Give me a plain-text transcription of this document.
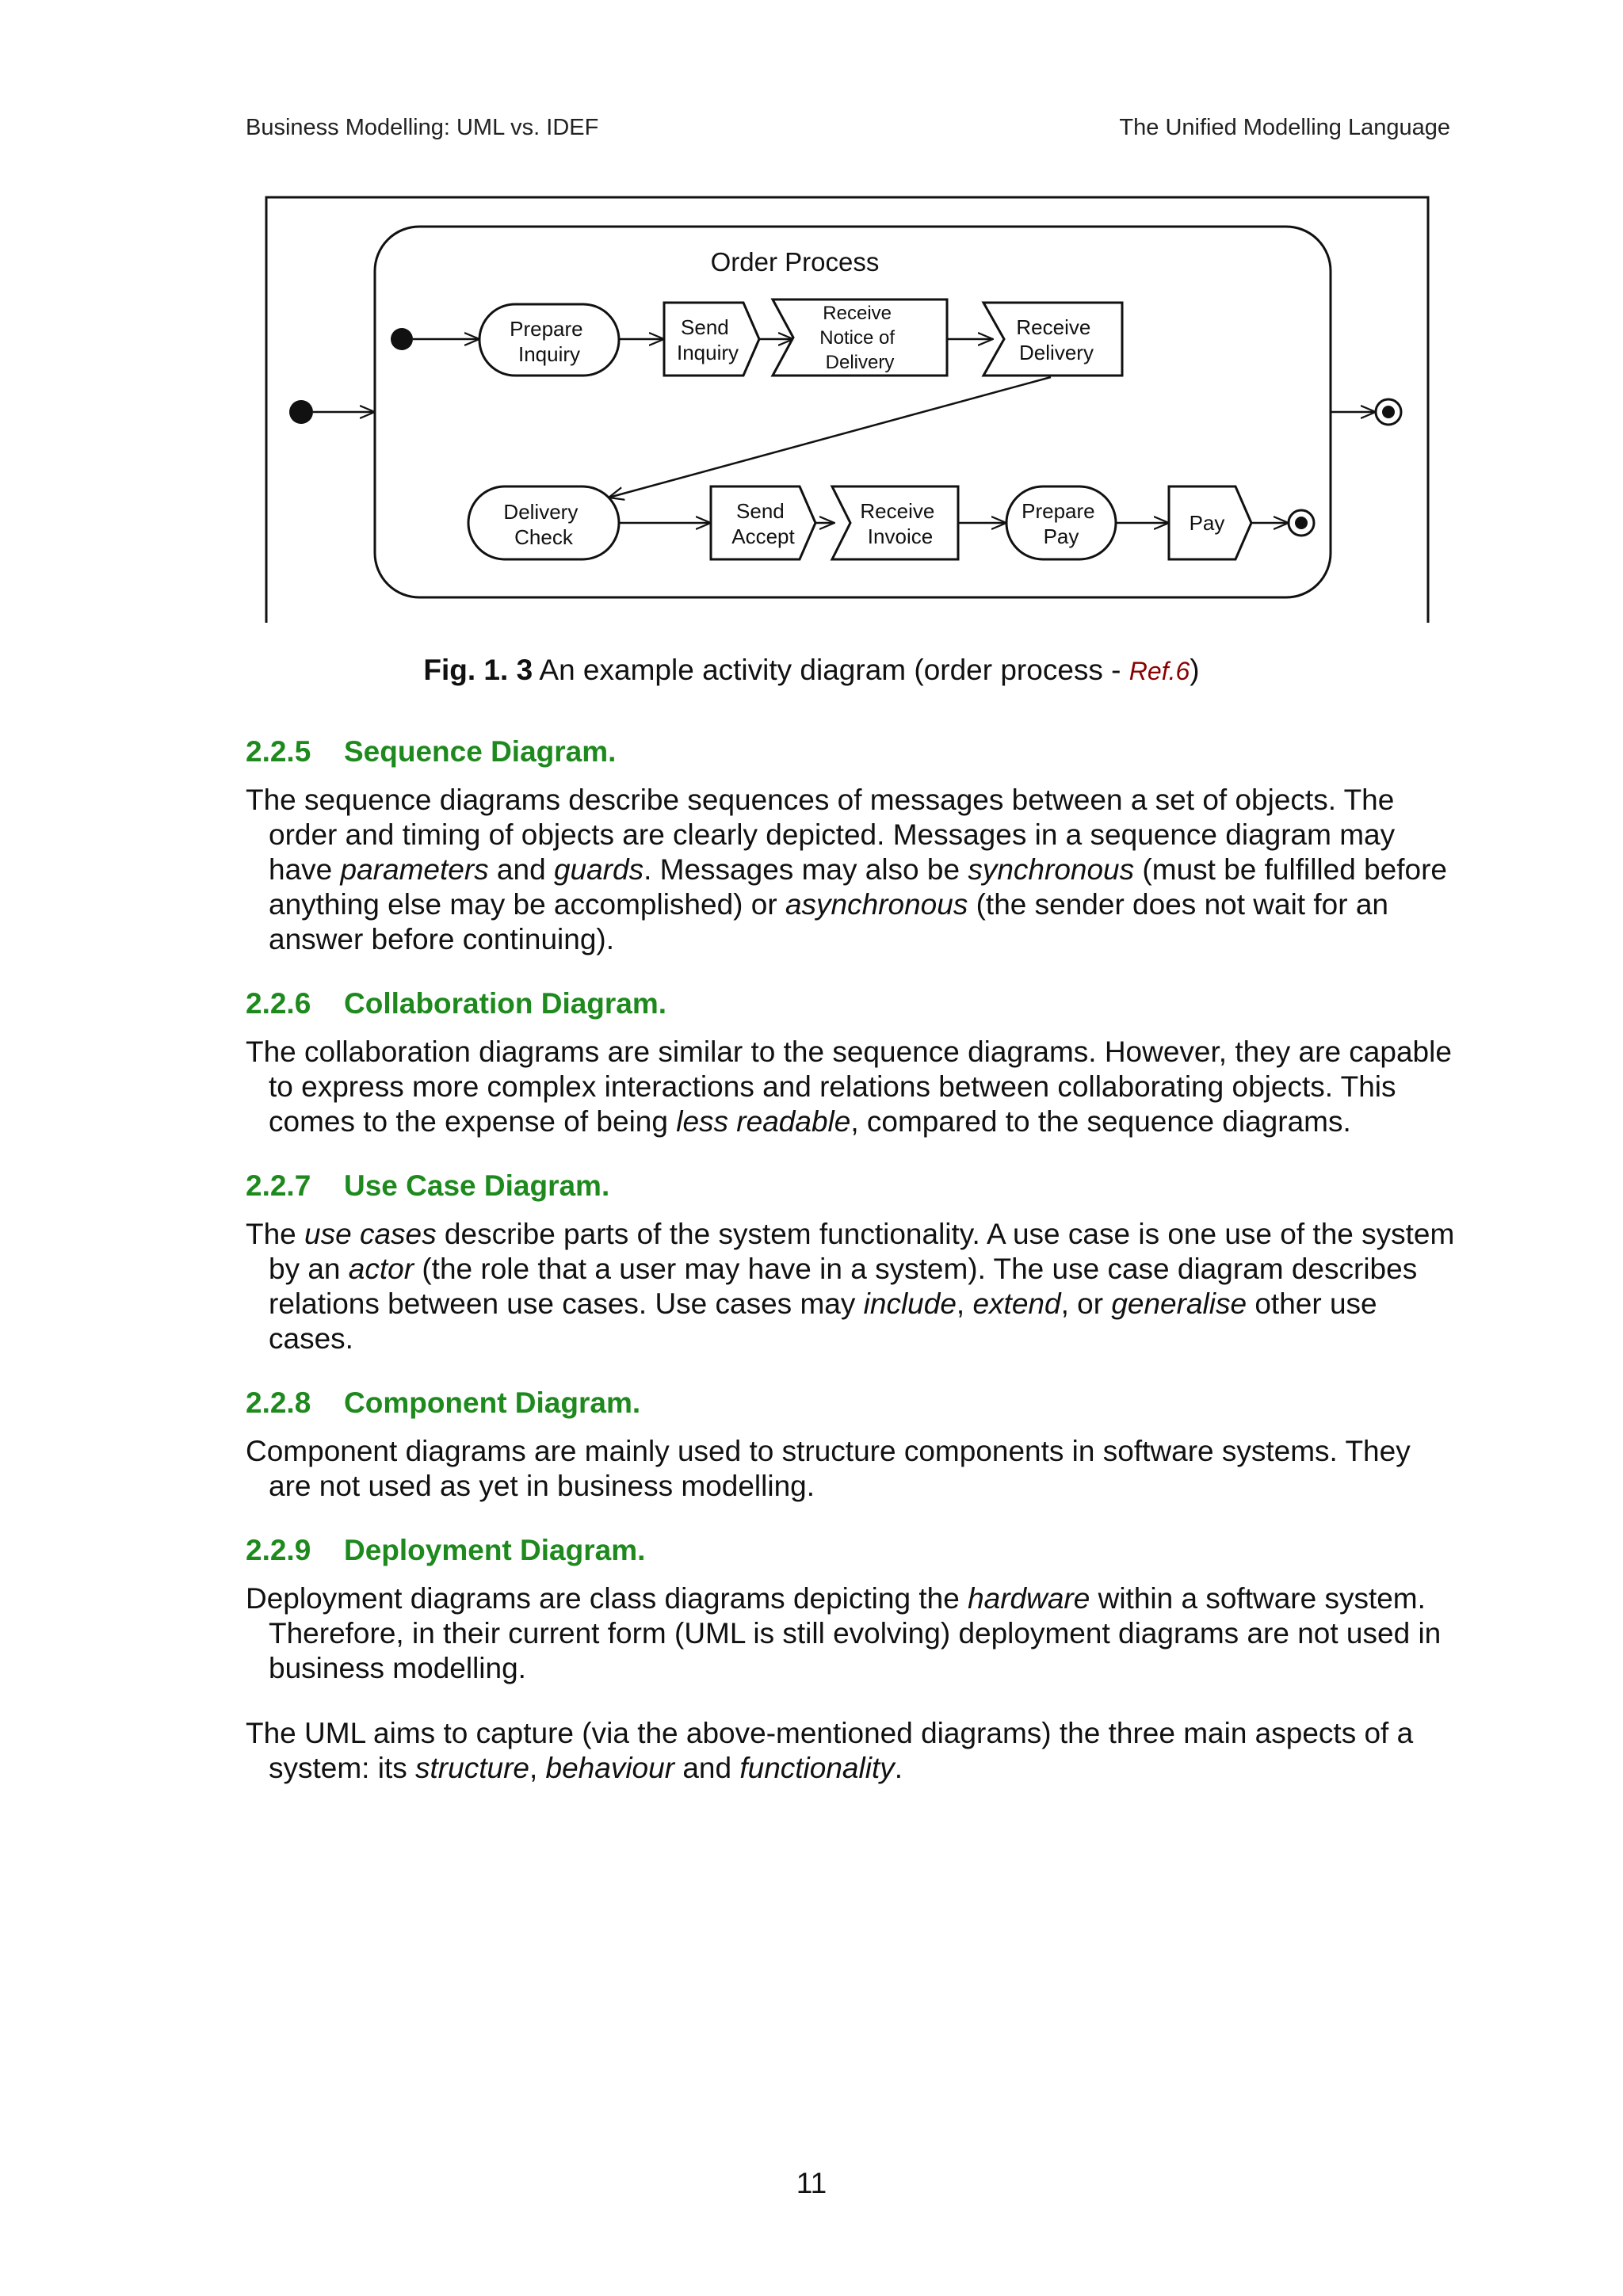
Business Modelling: UML vs. IDEF	The Unified Modelling Language
Order Process
Prepare Inquiry
Send Inquiry
Receive Notice of Delivery
Receive Delivery
Delivery Check
Send Accept
Receive Invoice
Prepare Pay
Pay
Fig. 1. 3 An example activity diagram (order process - Ref.6)
2.2.5 Sequence Diagram.

The sequence diagrams describe sequences of messages between a set of objects. The order and timing of objects are clearly depicted. Messages in a sequence diagram may have parameters and guards. Messages may also be synchronous (must be fulfilled before anything else may be accomplished) or asynchronous (the sender does not wait for an answer before continuing).

2.2.6 Collaboration Diagram.

The collaboration diagrams are similar to the sequence diagrams. However, they are capable to express more complex interactions and relations between collaborating objects. This comes to the expense of being less readable, compared to the sequence diagrams.

2.2.7 Use Case Diagram.

The use cases describe parts of the system functionality. A use case is one use of the system by an actor (the role that a user may have in a system). The use case diagram describes relations between use cases. Use cases may include, extend, or generalise other use cases.

2.2.8 Component Diagram.

Component diagrams are mainly used to structure components in software systems. They are not used as yet in business modelling.

2.2.9 Deployment Diagram.

Deployment diagrams are class diagrams depicting the hardware within a software system. Therefore, in their current form (UML is still evolving) deployment diagrams are not used in business modelling.

The UML aims to capture (via the above-mentioned diagrams) the three main aspects of a system: its structure, behaviour and functionality.

11
